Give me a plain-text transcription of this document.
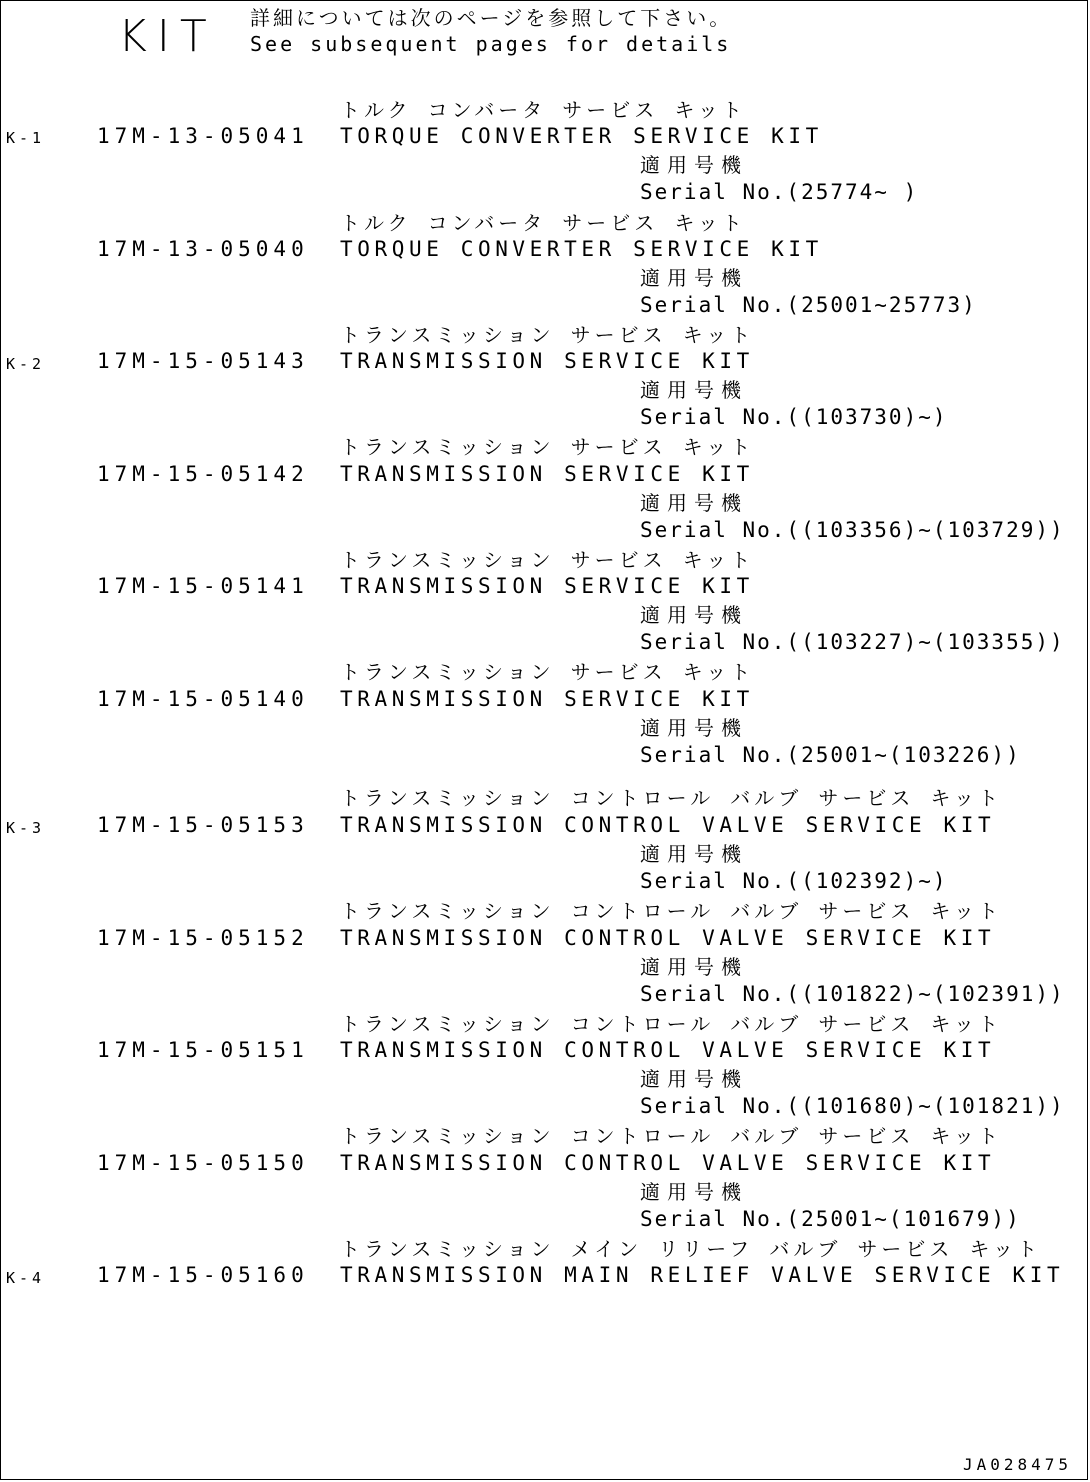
KIT 詳細については次のページを参照して下さい。
See subsequent pages for details
トルク コンバータ サービス キット
K-1 17M-13-05041 TORQUE CONVERTER SERVICE KIT
適用号機
Serial No.(25774~ )
トルク コンバータ サービス キット
17M-13-05040 TORQUE CONVERTER SERVICE KIT
適用号機
Serial No.(25001~25773)
トランスミッション サービス キット
K-2 17M-15-05143 TRANSMISSION SERVICE KIT
適用号機
Serial No.((103730)~)
トランスミッション サービス キット
17M-15-05142 TRANSMISSION SERVICE KIT
適用号機
Serial No.((103356)~(103729))
トランスミッション サービス キット
17M-15-05141 TRANSMISSION SERVICE KIT
適用号機
Serial No.((103227)~(103355))
トランスミッション サービス キット
17M-15-05140 TRANSMISSION SERVICE KIT
適用号機
Serial No.(25001~(103226))
トランスミッション コントロール バルブ サービス キット
K-3 17M-15-05153 TRANSMISSION CONTROL VALVE SERVICE KIT
適用号機
Serial No.((102392)~)
トランスミッション コントロール バルブ サービス キット
17M-15-05152 TRANSMISSION CONTROL VALVE SERVICE KIT
適用号機
Serial No.((101822)~(102391))
トランスミッション コントロール バルブ サービス キット
17M-15-05151 TRANSMISSION CONTROL VALVE SERVICE KIT
適用号機
Serial No.((101680)~(101821))
トランスミッション コントロール バルブ サービス キット
17M-15-05150 TRANSMISSION CONTROL VALVE SERVICE KIT
適用号機
Serial No.(25001~(101679))
トランスミッション メイン リリーフ バルブ サービス キット
K-4 17M-15-05160 TRANSMISSION MAIN RELIEF VALVE SERVICE KIT
JA028475
